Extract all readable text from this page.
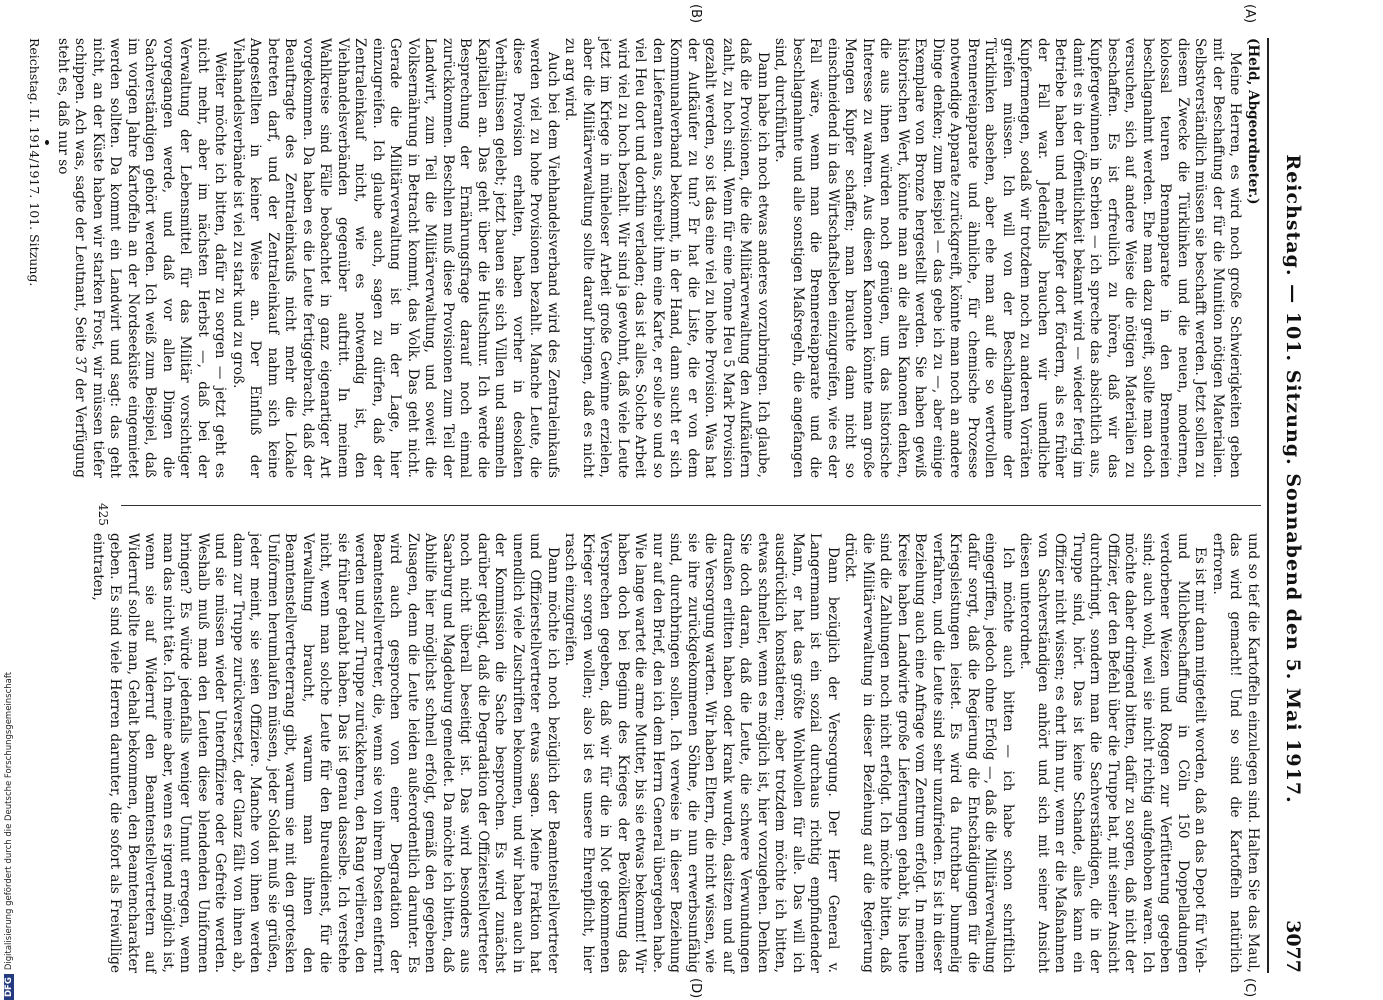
Reichstag. — 101. Sitzung. Sonnabend den 5. Mai 1917.
3077

(Held, Abgeordneter.)

Meine Herren, es wird noch große Schwierigkeiten geben mit der Beschaffung der für die Munition nötigen Materialien. Selbstverständlich müssen sie beschafft werden. Jetzt sollen zu diesem Zwecke die Türklinken und die neuen, modernen, kolossal teuren Brennapparate in den Brennereien beschlagnahmt werden. Ehe man dazu greift, sollte man doch versuchen, sich auf andere Weise die nötigen Materialien zu beschaffen. Es ist erfreulich zu hören, daß wir das Kupfergewinnen in Serbien — ich spreche das absichtlich aus, damit es in der Öffentlichkeit bekannt wird — wieder fertig im Betriebe haben und mehr Kupfer dort fördern, als es früher der Fall war. Jedenfalls brauchen wir unendliche Kupfermengen, sodaß wir trotzdem noch zu anderen Vorräten greifen müssen. Ich will von der Beschlagnahme der Türklinken absehen, aber ehe man auf die so wertvollen Brennereiapparate und ähnliche, für chemische Prozesse notwendige Apparate zurückgreift, könnte man noch an andere Dinge denken; zum Beispiel — das gebe ich zu —, aber einige Exemplare von Bronze hergestellt werden. Sie haben gewiß historischen Wert, könnte man an die alten Kanonen denken, die aus ihnen würden noch genügen, um das historische Interesse zu wahren. Aus diesen Kanonen könnte man große Mengen Kupfer schaffen; man brauchte dann nicht so einschneidend in das Wirtschaftsleben einzugreifen, wie es der Fall wäre, wenn man die Brennereiapparate und die beschlagnahmte und alle sonstigen Maßregeln, die angefangen sind, durchführte.

Dann habe ich noch etwas anderes vorzubringen. Ich glaube, daß die Provisionen, die die Militärverwaltung den Aufkäufern zahlt, zu hoch sind. Wenn für eine Tonne Heu 5 Mark Provision gezahlt werden, so ist das eine viel zu hohe Provision. Was hat der Aufkäufer zu tun? Er hat die Liste, die er von dem Kommunalverband bekommt, in der Hand, dann sucht er sich den Lieferanten aus, schreibt ihm eine Karte, er solle so und so viel Heu dort und dorthin verladen; das ist alles. Solche Arbeit wird viel zu hoch bezahlt. Wir sind ja gewohnt, daß viele Leute jetzt im Kriege in müheloser Arbeit große Gewinne erzielen, aber die Militärverwaltung sollte darauf bringen, daß es nicht zu arg wird.

Auch bei dem Viehhandelsverband wird des Zentraleinkaufs werden viel zu hohe Provisionen bezahlt. Manche Leute, die diese Provision erhalten, haben vorher in desolaten Verhältnissen gelebt; jetzt bauen sie sich Villen und sammeln Kapitalien an. Das geht über die Hutschnur. Ich werde die Besprechung der Ernährungsfrage darauf noch einmal zurückkommen. Beschlen muß diese Provisionen zum Teil der Landwirt, zum Teil die Militärverwaltung, und soweit die Volksernährung in Betracht kommt, das Volk. Das geht nicht. Gerade die Militärverwaltung ist in der Lage, hier einzugreifen. Ich glaube auch, sagen zu dürfen, daß der Zentraleinkauf nicht, wie es notwendig ist, den Viehhandelsverbänden gegenüber auftritt. In meinem Wahlkreise sind Fälle beobachtet in ganz eigenartiger Art vorgekommen. Da haben es die Leute fertiggebracht, daß der Beauftragte des Zentraleinkaufs nicht mehr die Lokale betreten darf, und der Zentraleinkauf nahm sich keine Angestellten in keiner Weise an. Der Einfluß der Viehhandelsverbände ist viel zu stark und zu groß.

Weiter möchte ich bitten, dafür zu sorgen — jetzt geht es nicht mehr, aber im nächsten Herbst —, daß bei der Verwaltung der Lebensmittel für das Militär vorsichtiger vorgegangen werde, und daß vor allen Dingen die Sachverständigen gehört werden. Ich weiß zum Beispiel, daß im vorigen Jahre Kartoffeln an der Nordseeküste eingemietet werden sollten. Da kommt ein Landwirt und sagt: das geht nicht, an der Küste haben wir starken Frost, wir müssen tiefer schippen. Ach was, sagte der Leutnant, Seite 37 der Verfügung steht es, daß nur so

Reichstag. II. 1914/1917. 101. Sitzung.

und so tief die Kartoffeln einzulegen sind. Halten Sie das Maul, das wird gemacht! Und so sind die Kartoffeln natürlich erfroren.

Es ist mir dann mitgeteilt worden, daß an das Depot für Vieh- und Milchbeschaffung in Cöln 150 Doppelladungen verdorbener Weizen und Roggen zur Verfütterung gegeben sind; auch wohl, weil sie nicht richtig aufgehoben waren. Ich möchte daher dringend bitten, dafür zu sorgen, daß nicht der Offizier, der den Befehl über die Truppe hat, mit seiner Ansicht durchdringt, sondern man die Sachverständigen, die in der Truppe sind, hört. Das ist keine Schande, alles kann ein Offizier nicht wissen; es ehrt ihn nur, wenn er die Maßnahmen von Sachverständigen anhört und sich mit seiner Ansicht diesen unterordnet.

Ich möchte auch bitten — ich habe schon schriftlich eingegriffen, jedoch ohne Erfolg —, daß die Militärverwaltung dafür sorgt, daß die Regierung die Entschädigungen für die Kriegsleistungen leistet. Es wird da furchtbar bummelig verfahren, und die Leute sind sehr unzufrieden. Es ist in dieser Beziehung auch eine Anfrage vom Zentrum erfolgt. In meinem Kreise haben Landwirte große Lieferungen gehabt, bis heute sind die Zahlungen noch nicht erfolgt. Ich möchte bitten, daß die Militärverwaltung in dieser Beziehung auf die Regierung drückt.

Dann bezüglich der Versorgung. Der Herr General v. Langermann ist ein sozial durchaus richtig empfindender Mann, er hat das größte Wohlwollen für alle. Das will ich ausdrücklich konstatieren; aber trotzdem möchte ich bitten, etwas schneller, wenn es möglich ist, hier vorzugehen. Denken Sie doch daran, daß die Leute, die schwere Verwundungen draußen erlitten haben oder krank wurden, dasitzen und auf die Versorgung warten. Wir haben Eltern, die nicht wissen, wie sie ihre zurückgekommenen Söhne, die nun erwerbsunfähig sind, durchbringen sollen. Ich verweise in dieser Beziehung nur auf den Brief, den ich dem Herrn General übergeben habe. Wie lange wartet die arme Mutter, bis sie etwas bekommt! Wir haben doch bei Beginn des Krieges der Bevölkerung das Versprechen gegeben, daß wir für die in Not gekommenen Krieger sorgen wollen; also ist es unsere Ehrenpflicht, hier rasch einzugreifen.

Dann möchte ich noch bezüglich der Beamtenstellvertreter und Offizierstellvertreter etwas sagen. Meine Fraktion hat unendlich viele Zuschriften bekommen, und wir haben auch in der Kommission die Sache besprochen. Es wird zunächst darüber geklagt, daß die Degradation der Offizierstellvertreter noch nicht überall beseitigt ist. Das wird besonders aus Saarburg und Magdeburg gemeldet. Da möchte ich bitten, daß Abhilfe hier möglichst schnell erfolgt, gemäß den gegebenen Zusagen, denn die Leute leiden außerordentlich darunter. Es wird auch gesprochen von einer Degradation der Beamtenstellvertreter, die, wenn sie von ihrem Posten entfernt werden und zur Truppe zurückkehren, den Rang verlieren, den sie früher gehabt haben. Das ist genau dasselbe. Ich verstehe nicht, wenn man solche Leute für den Bureaudienst, für die Verwaltung braucht, warum man ihnen den Beamtenstellvertreterrang gibt, warum sie mit den grotesken Uniformen herumlaufen müssen, jeder Soldat muß sie grüßen, jeder meint, sie seien Offiziere. Manche von ihnen werden dann zur Truppe zurückversetzt, der Glanz fällt von ihnen ab, und sie müssen wieder Unteroffiziere oder Gefreite werden. Weshalb muß man den Leuten diese blendenden Uniformen bringen? Es würde jedenfalls weniger Unmut erregen, wenn man das nicht täte. Ich meine aber, wenn es irgend möglich ist, wenn sie auf Widerruf den Beamtenstellvertretern auf Widerruf sollte man, Gehalt bekommen, den Beamtencharakter geben. Es sind viele Herren darunter, die sofort als Freiwillige eintraten,

(A)
(B)
(C)
(D)
425
DFGDigitalisierung gefördert durch die Deutsche Forschungsgemeinschaft
